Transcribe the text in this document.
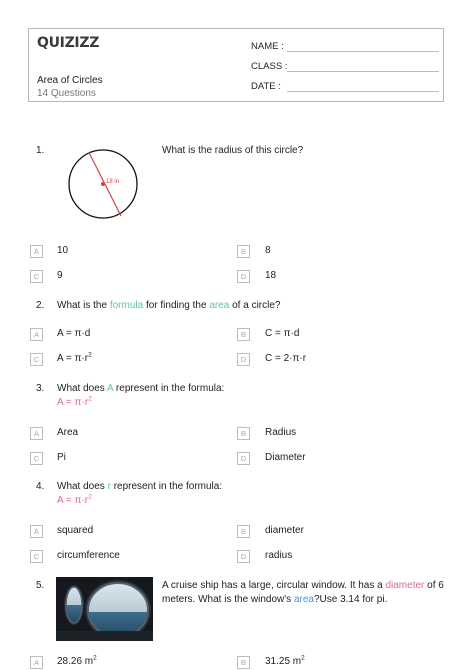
QUIZIZZ
Area of Circles
14 Questions
NAME :
CLASS :
DATE :
1.
18 in
What is the radius of this circle?
A	10	B	8
C	9	D	18
2. What is the formula for finding the area of a circle?
A	A = π·d	B	C = π·d
C	$A = \pi\cdot r^2$	D	C = 2·π·r
3. What does A represent in the formula:
$A = \pi\cdot r^2$
A	Area	B	Radius
C	Pi	D	Diameter
4. What does r represent in the formula:
$A = \pi\cdot r^2$
A	squared	B	diameter
C	circumference	D	radius
5.	A cruise ship has a large, circular window. It has a diameter of 6 meters. What is the window's area?Use 3.14 for pi.
A	28.26 $m^2$	B	31.25 $m^2$
